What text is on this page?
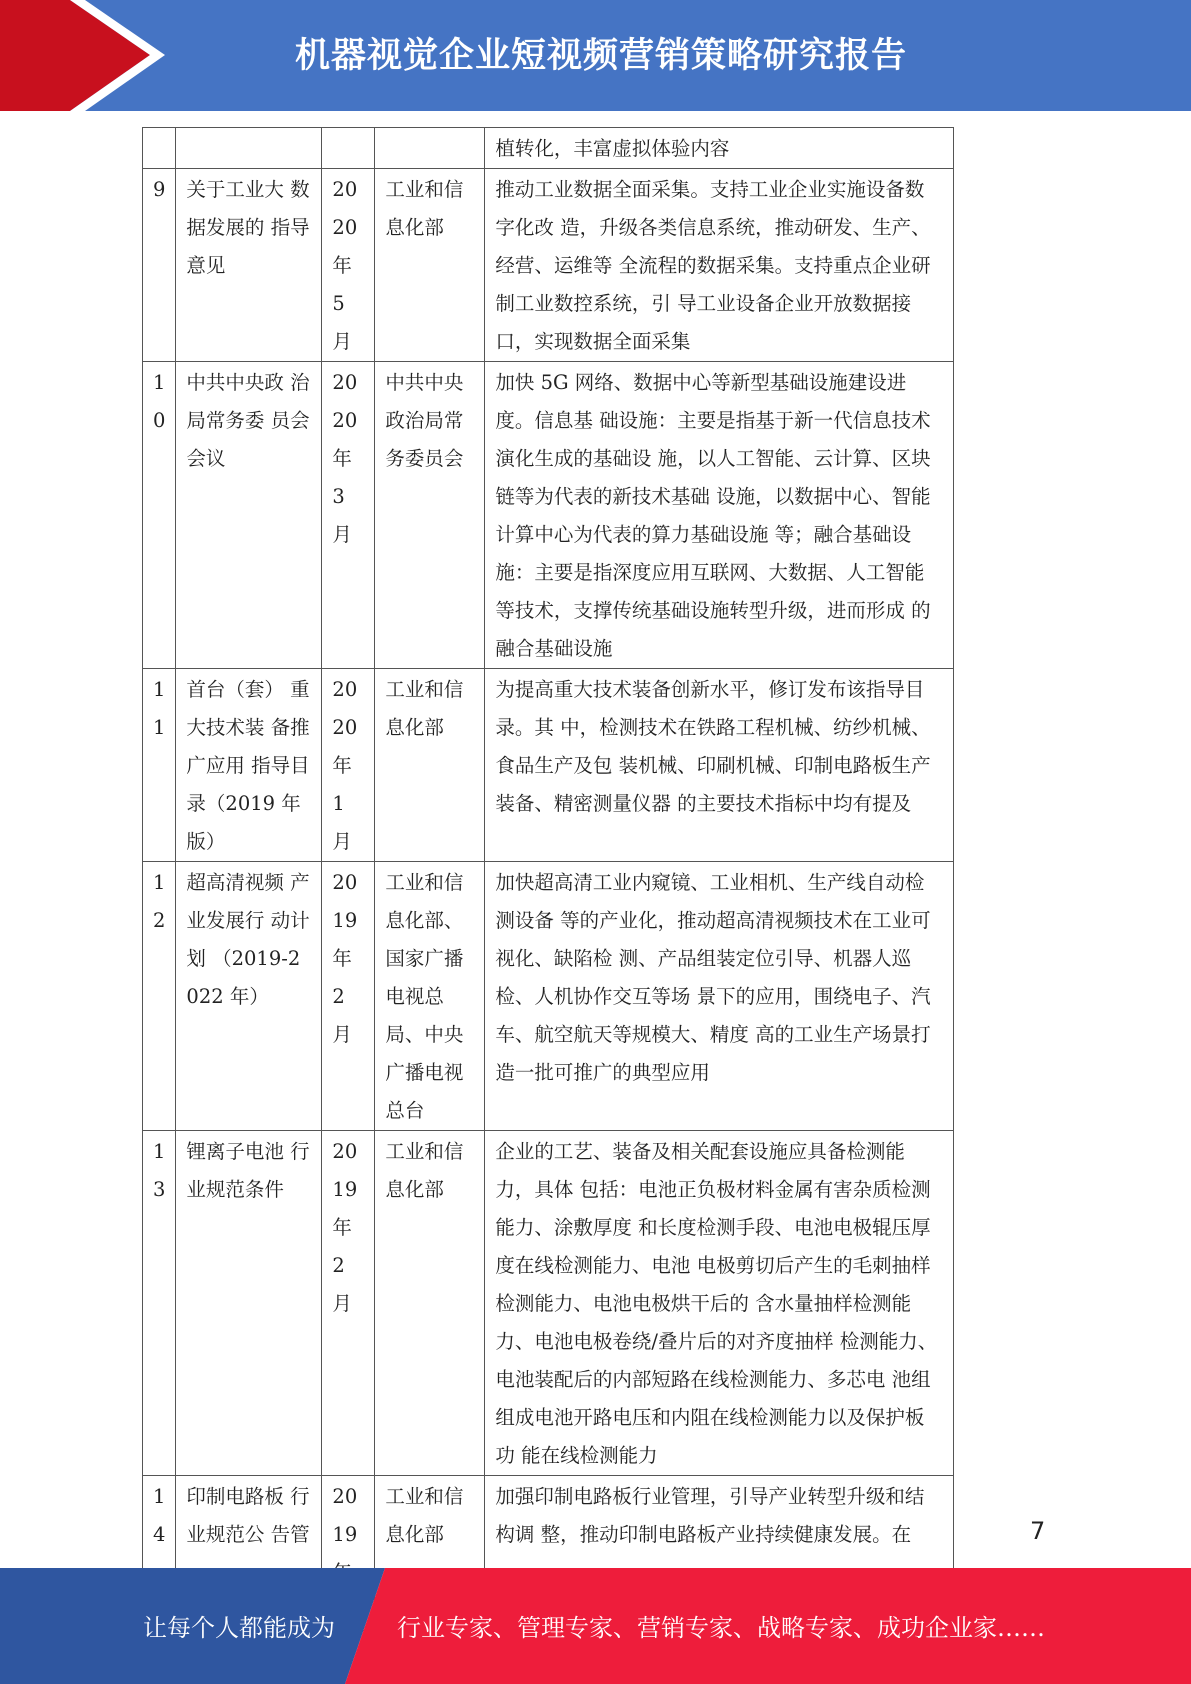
机器视觉企业短视频营销策略研究报告
				植转化，丰富虚拟体验内容
9	关于工业大 数据发展的 指导意见	2020 年 5 月	工业和信息化部	推动工业数据全面采集。支持工业企业实施设备数字化改 造，升级各类信息系统，推动研发、生产、经营、运维等 全流程的数据采集。支持重点企业研制工业数控系统，引 导工业设备企业开放数据接口，实现数据全面采集
10	中共中央政 治局常务委 员会会议	2020 年 3 月	中共中央政治局常务委员会	加快 5G 网络、数据中心等新型基础设施建设进度。信息基 础设施：主要是指基于新一代信息技术演化生成的基础设 施，以人工智能、云计算、区块链等为代表的新技术基础 设施，以数据中心、智能计算中心为代表的算力基础设施 等；融合基础设施：主要是指深度应用互联网、大数据、人工智能等技术，支撑传统基础设施转型升级，进而形成 的融合基础设施
11	首台（套） 重大技术装 备推广应用 指导目录（2019 年版）	2020 年 1 月	工业和信息化部	为提高重大技术装备创新水平，修订发布该指导目录。其 中，检测技术在铁路工程机械、纺纱机械、食品生产及包 装机械、印刷机械、印制电路板生产装备、精密测量仪器 的主要技术指标中均有提及
12	超高清视频 产业发展行 动计划 （2019-2022 年）	2019 年 2 月	工业和信息化部、国家广播电视总局、中央广播电视总台	加快超高清工业内窥镜、工业相机、生产线自动检测设备 等的产业化，推动超高清视频技术在工业可视化、缺陷检 测、产品组装定位引导、机器人巡检、人机协作交互等场 景下的应用，围绕电子、汽车、航空航天等规模大、精度 高的工业生产场景打造一批可推广的典型应用
13	锂离子电池 行业规范条件	2019 年 2 月	工业和信息化部	企业的工艺、装备及相关配套设施应具备检测能力，具体 包括：电池正负极材料金属有害杂质检测能力、涂敷厚度 和长度检测手段、电池电极辊压厚度在线检测能力、电池 电极剪切后产生的毛刺抽样检测能力、电池电极烘干后的 含水量抽样检测能力、电池电极卷绕/叠片后的对齐度抽样 检测能力、电池装配后的内部短路在线检测能力、多芯电 池组组成电池开路电压和内阻在线检测能力以及保护板功 能在线检测能力
14	印制电路板 行业规范公 告管	2019	工业和信息化部	加强印制电路板行业管理，引导产业转型升级和结构调 整，推动印制电路板产业持续健康发展。在	7
让每个人都能成为	行业专家、管理专家、营销专家、战略专家、成功企业家……
